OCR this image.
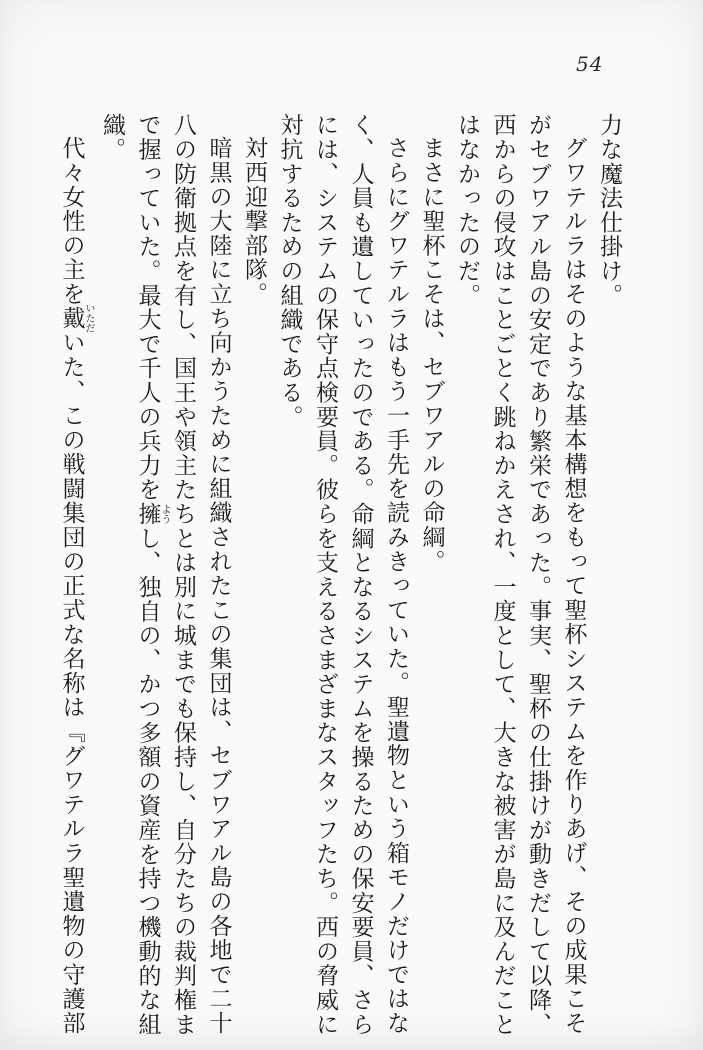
54

力な魔法仕掛け。

グワテルラはそのような基本構想をもって聖杯システムを作りあげ、その成果こそがセブワアル島の安定であり繁栄であった。事実、聖杯の仕掛けが動きだして以降、西からの侵攻はことごとく跳ねかえされ、一度として、大きな被害が島に及んだことはなかったのだ。

まさに聖杯こそは、セブワアルの命綱。

さらにグワテルラはもう一手先を読みきっていた。聖遺物という箱モノだけではなく、人員も遺していったのである。命綱となるシステムを操るための保安要員、さらには、システムの保守点検要員。彼らを支えるさまざまなスタッフたち。西の脅威に対抗するための組織である。

対西迎撃部隊。

暗黒の大陸に立ち向かうために組織されたこの集団は、セブワアル島の各地で二十八の防衛拠点を有し、国王や領主たちとは別に城までも保持し、自分たちの裁判権まで握っていた。最大で千人の兵力を擁ようし、独自の、かつ多額の資産を持つ機動的な組織。

代々女性の主を戴いただいた、この戦闘集団の正式な名称は『グワテルラ聖遺物の守護部
